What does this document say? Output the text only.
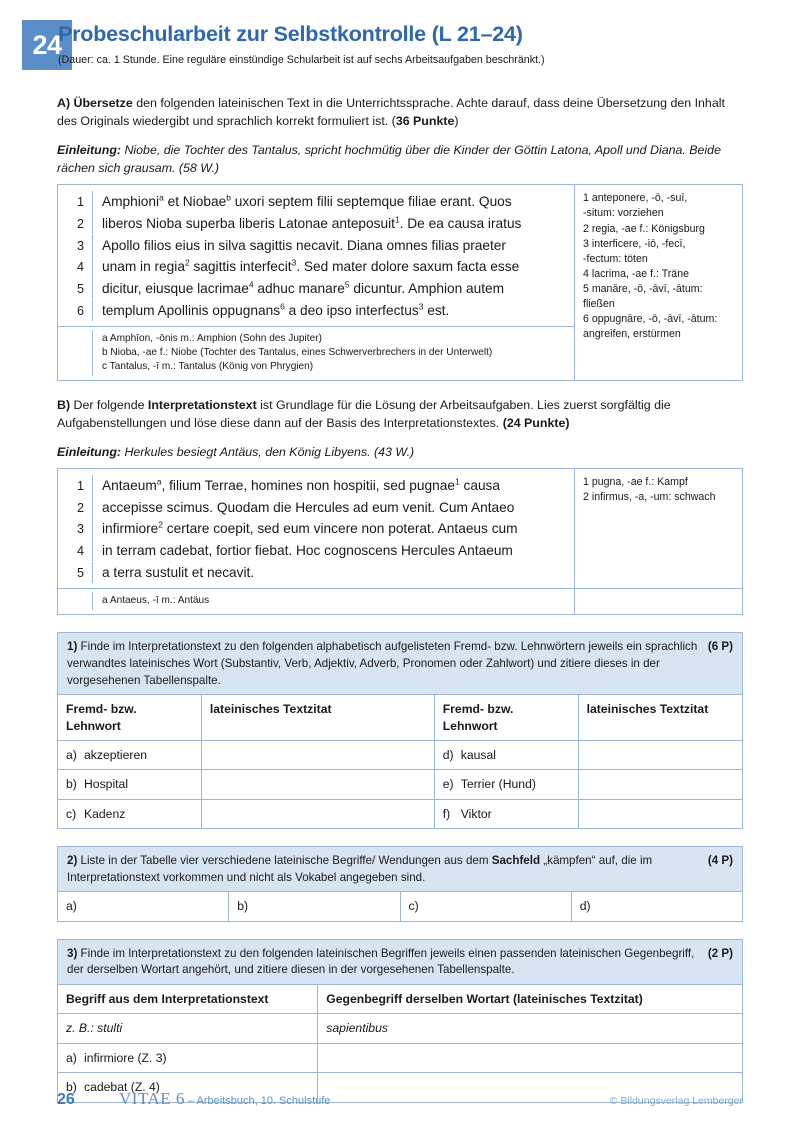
24
Probeschularbeit zur Selbstkontrolle (L 21–24)
(Dauer: ca. 1 Stunde. Eine reguläre einstündige Schularbeit ist auf sechs Arbeitsaufgaben beschränkt.)

A) Übersetze den folgenden lateinischen Text in die Unterrichtssprache. Achte darauf, dass deine Übersetzung den Inhalt des Originals wiedergibt und sprachlich korrekt formuliert ist. (36 Punkte)

Einleitung: Niobe, die Tochter des Tantalus, spricht hochmütig über die Kinder der Göttin Latona, Apoll und Diana. Beide rächen sich grausam. (58 W.)

1	Amphioni$^a$ et Niobae$^b$ uxori septem filii septemque filiae erant. Quos
2	liberos Nioba superba liberis Latonae anteposuit$^1$. De ea causa iratus
3	Apollo filios eius in silva sagittis necavit. Diana omnes filias praeter
4	unam in regia$^2$ sagittis interfecit$^3$. Sed mater dolore saxum facta esse
5	dicitur, eiusque lacrimae$^4$ adhuc manare$^5$ dicuntur. Amphion autem
6	templum Apollinis oppugnans$^6$ a deo ipso interfectus$^3$ est.

1 anteponere, -ō, -suī,
-situm: vorziehen
2 regia, -ae f.: Königsburg
3 interficere, -iō, -fecī,
-fectum: töten
4 lacrima, -ae f.: Träne
5 manāre, -ō, -āvī, -ātum:
fließen
6 oppugnāre, -ō, -āvī, -ātum:
angreifen, erstürmen

a Amphīon, -ōnis m.: Amphion (Sohn des Jupiter)
b Nioba, -ae f.: Niobe (Tochter des Tantalus, eines Schwerverbrechers in der Unterwelt)
c Tantalus, -ī m.: Tantalus (König von Phrygien)

B) Der folgende Interpretationstext ist Grundlage für die Lösung der Arbeitsaufgaben. Lies zuerst sorgfältig die Aufgabenstellungen und löse diese dann auf der Basis des Interpretationstextes. (24 Punkte)

Einleitung: Herkules besiegt Antäus, den König Libyens. (43 W.)

1	Antaeum$^a$, filium Terrae, homines non hospitii, sed pugnae$^1$ causa
2	accepisse scimus. Quodam die Hercules ad eum venit. Cum Antaeo
3	infirmiore$^2$ certare coepit, sed eum vincere non poterat. Antaeus cum
4	in terram cadebat, fortior fiebat. Hoc cognoscens Hercules Antaeum
5	a terra sustulit et necavit.

1 pugna, -ae f.: Kampf
2 infirmus, -a, -um: schwach

a Antaeus, -ī m.: Antäus	

(6 P)
1) Finde im Interpretationstext zu den folgenden alphabetisch aufgelisteten Fremd- bzw. Lehnwörtern jeweils ein sprachlich verwandtes lateinisches Wort (Substantiv, Verb, Adjektiv, Adverb, Pronomen oder Zahlwort) und zitiere dieses in der vorgesehenen Tabellenspalte.
Fremd- bzw. Lehnwort	lateinisches Textzitat	Fremd- bzw. Lehnwort	lateinisches Textzitat
a) akzeptieren		d) kausal	
b) Hospital		e) Terrier (Hund)	
c) Kadenz		f) Viktor	
(4 P)
2) Liste in der Tabelle vier verschiedene lateinische Begriffe/ Wendungen aus dem Sachfeld „kämpfen“ auf, die im Interpretationstext vorkommen und nicht als Vokabel angegeben sind.
a)	b)	c)	d)
(2 P)
3) Finde im Interpretationstext zu den folgenden lateinischen Begriffen jeweils einen passenden lateinischen Gegenbegriff, der derselben Wortart angehört, und zitiere diesen in der vorgesehenen Tabellenspalte.
Begriff aus dem Interpretationstext	Gegenbegriff derselben Wortart (lateinisches Textzitat)
z. B.: stulti	sapientibus
a) infirmiore (Z. 3)	
b) cadebat (Z. 4)	
26	VITAE 6 – Arbeitsbuch, 10. Schulstufe	© Bildungsverlag Lemberger
